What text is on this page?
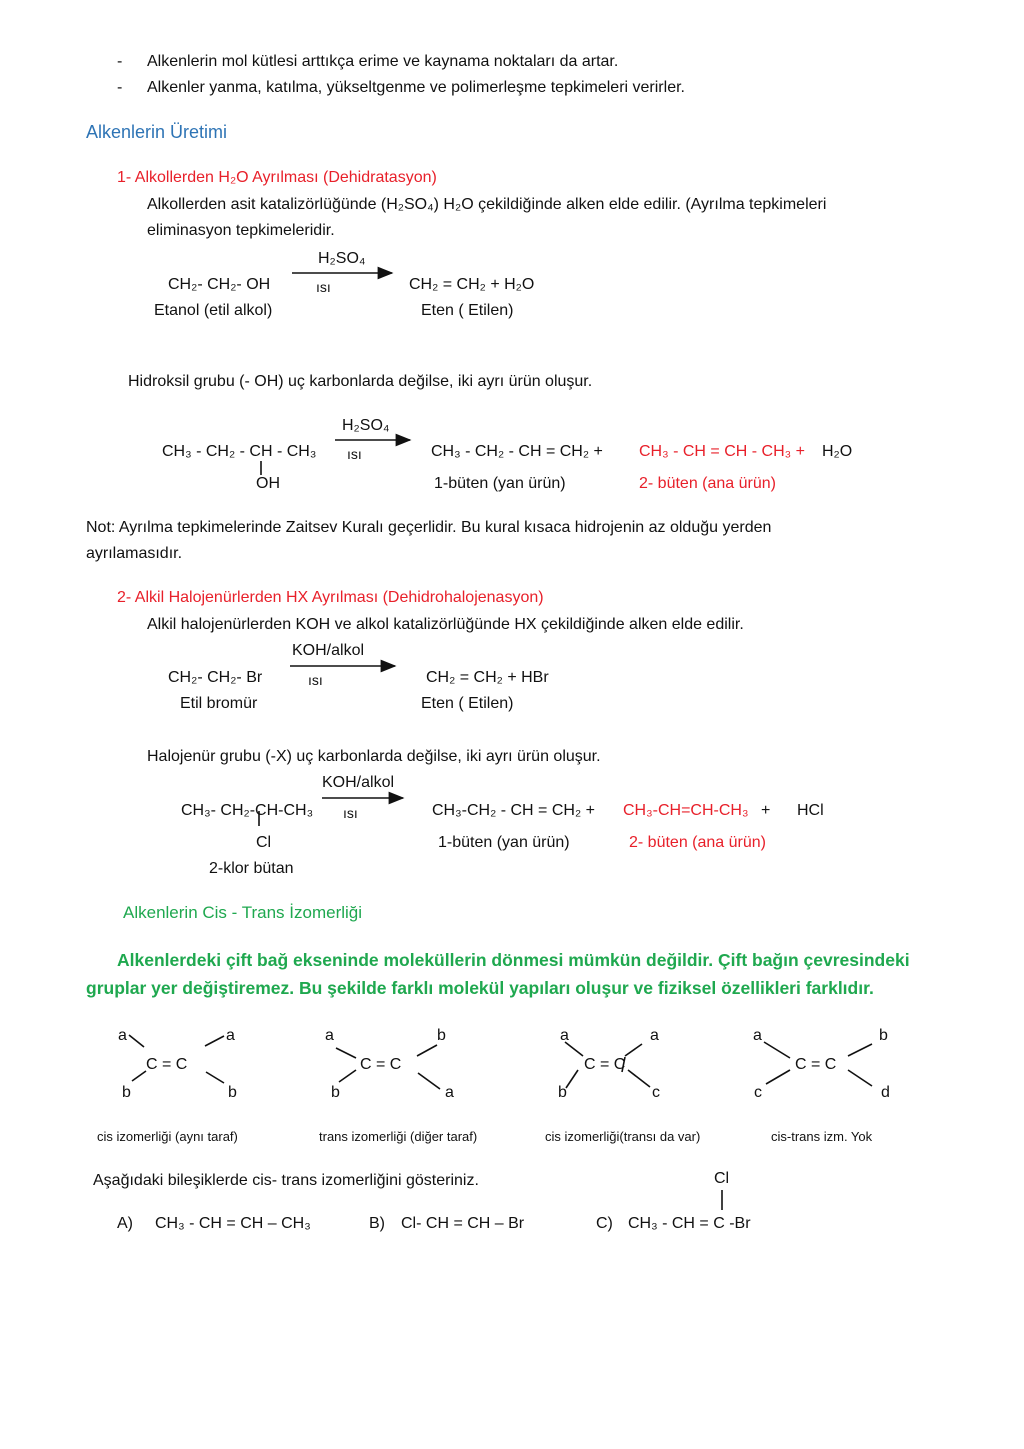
- Alkenlerin mol kütlesi arttıkça erime ve kaynama noktaları da artar.
- Alkenler yanma, katılma, yükseltgenme ve polimerleşme tepkimeleri verirler.
Alkenlerin Üretimi
1- Alkollerden H₂O Ayrılması (Dehidratasyon)
Alkollerden asit katalizörlüğünde (H₂SO₄) H₂O çekildiğinde alken elde edilir. (Ayrılma tepkimeleri
eliminasyon tepkimeleridir.
H₂SO₄
CH₂- CH₂- OH	ısı	CH₂ = CH₂ + H₂O
Etanol (etil alkol)	Eten ( Etilen)
Hidroksil grubu (- OH) uç karbonlarda değilse, iki ayrı ürün oluşur.
H₂SO₄
CH₃ - CH₂ - CH - CH₃ ısı	CH₃ - CH₂ - CH = CH₂ + CH₃ - CH = CH - CH₃ + H₂O
OH	1-büten (yan ürün)	2- büten (ana ürün)
Not: Ayrılma tepkimelerinde Zaitsev Kuralı geçerlidir. Bu kural kısaca hidrojenin az olduğu yerden
ayrılamasıdır.
2- Alkil Halojenürlerden HX Ayrılması (Dehidrohalojenasyon)
Alkil halojenürlerden KOH ve alkol katalizörlüğünde HX çekildiğinde alken elde edilir.
KOH/alkol
CH₂- CH₂- Br	ısı	CH₂ = CH₂ + HBr
Etil bromür	Eten ( Etilen)
Halojenür grubu (-X) uç karbonlarda değilse, iki ayrı ürün oluşur.
KOH/alkol
CH₃- CH₂-CH-CH₃ ısı	CH₃-CH₂ - CH = CH₂ + CH₃-CH=CH-CH₃ + HCl
Cl	1-büten (yan ürün)	2- büten (ana ürün)
2-klor bütan
Alkenlerin Cis - Trans İzomerliği
Alkenlerdeki çift bağ ekseninde moleküllerin dönmesi mümkün değildir. Çift bağın çevresindeki
gruplar yer değiştiremez. Bu şekilde farklı molekül yapıları oluşur ve fiziksel özellikleri farklıdır.
a	a
C = C
b	b
cis izomerliği (aynı taraf)
a	b
C = C
b	a
trans izomerliği (diğer taraf)
a	a
C = C
b	c
cis izomerliği(transı da var)
a	b
C = C
c	d
cis-trans izm. Yok
Aşağıdaki bileşiklerde cis- trans izomerliğini gösteriniz.	Cl
A) CH₃ - CH = CH – CH₃	B) Cl- CH = CH – Br	C) CH₃ - CH = C -Br
